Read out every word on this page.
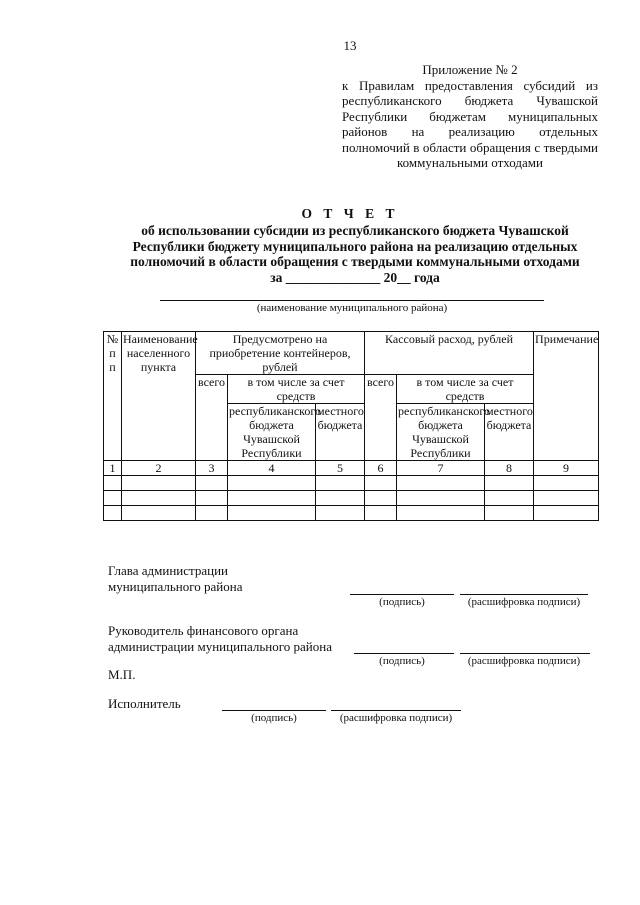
13
Приложение № 2
к Правилам предоставления субсидий из республиканского бюджета Чувашской Республики бюджетам муниципальных районов на реализацию отдельных полномочий в области обращения с твердыми коммунальными отходами
О Т Ч Е Т
об использовании субсидии из республиканского бюджета Чувашской
Республики бюджету муниципального района на реализацию отдельных
полномочий в области обращения с твердыми коммунальными отходами
за ______________ 20__ года
(наименование муниципального района)
№ п п	Наименование населенного пункта	Предусмотрено на приобретение контейнеров, рублей			Кассовый расход, рублей			Примечание
		всего	в том числе за счет средств		всего	в том числе за счет средств		
			республиканского бюджета Чувашской Республики	местного бюджета		республиканского бюджета Чувашской Республики	местного бюджета	
1	2	3	4	5	6	7	8	9

Глава администрации
муниципального района
(подпись)	(расшифровка подписи)
Руководитель финансового органа
администрации муниципального района
(подпись)	(расшифровка подписи)
М.П.
Исполнитель
(подпись)	(расшифровка подписи)
